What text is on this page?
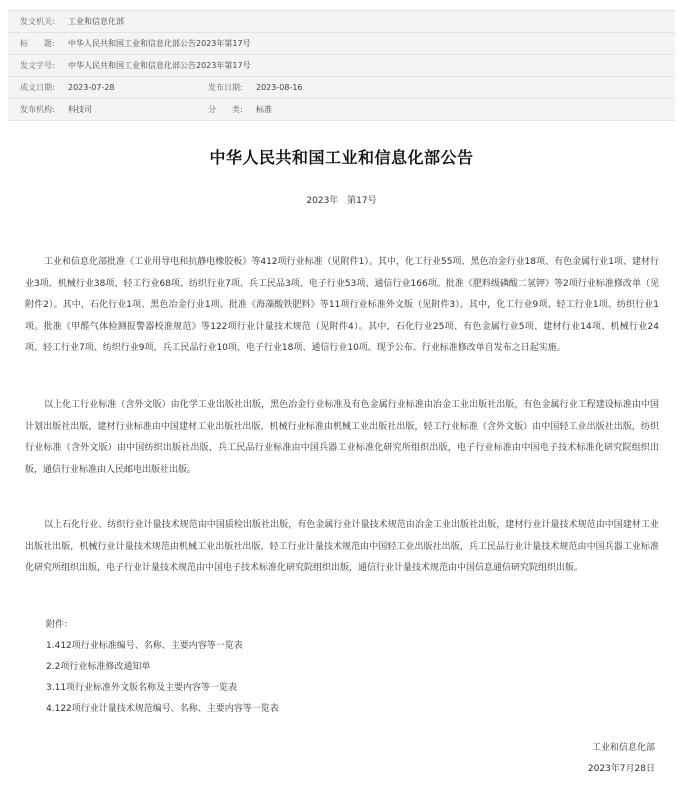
发文机关:	工业和信息化部
标　　题:	中华人民共和国工业和信息化部公告2023年第17号
发文字号:	中华人民共和国工业和信息化部公告2023年第17号
成文日期:	2023-07-28	发布日期:	2023-08-16
发布机构:	科技司	分　　类:	标准
中华人民共和国工业和信息化部公告
2023年 第17号

工业和信息化部批准《工业用导电和抗静电橡胶板》等412项行业标准（见附件1）。其中，化工行业55项、黑色冶金行业18项、有色金属行业1项、建材行业3项、机械行业38项、轻工行业68项、纺织行业7项、兵工民品3项、电子行业53项、通信行业166项。批准《肥料级磷酸二氢钾》等2项行业标准修改单（见附件2）。其中，石化行业1项、黑色冶金行业1项。批准《海藻酸铁肥料》等11项行业标准外文版（见附件3）。其中，化工行业9项、轻工行业1项、纺织行业1项。批准《甲醛气体检测报警器校准规范》等122项行业计量技术规范（见附件4）。其中，石化行业25项、有色金属行业5项、建材行业14项、机械行业24项、轻工行业7项、纺织行业9项、兵工民品行业10项、电子行业18项、通信行业10项。现予公布。行业标准修改单自发布之日起实施。

以上化工行业标准（含外文版）由化学工业出版社出版，黑色冶金行业标准及有色金属行业标准由冶金工业出版社出版，有色金属行业工程建设标准由中国计划出版社出版，建材行业标准由中国建材工业出版社出版，机械行业标准由机械工业出版社出版，轻工行业标准（含外文版）由中国轻工业出版社出版，纺织行业标准（含外文版）由中国纺织出版社出版，兵工民品行业标准由中国兵器工业标准化研究所组织出版，电子行业标准由中国电子技术标准化研究院组织出版，通信行业标准由人民邮电出版社出版。

以上石化行业、纺织行业计量技术规范由中国质检出版社出版，有色金属行业计量技术规范由冶金工业出版社出版，建材行业计量技术规范由中国建材工业出版社出版，机械行业计量技术规范由机械工业出版社出版，轻工行业计量技术规范由中国轻工业出版社出版，兵工民品行业计量技术规范由中国兵器工业标准化研究所组织出版，电子行业计量技术规范由中国电子技术标准化研究院组织出版，通信行业计量技术规范由中国信息通信研究院组织出版。

附件：
1.412项行业标准编号、名称、主要内容等一览表
2.2项行业标准修改通知单
3.11项行业标准外文版名称及主要内容等一览表
4.122项行业计量技术规范编号、名称、主要内容等一览表
工业和信息化部
2023年7月28日
